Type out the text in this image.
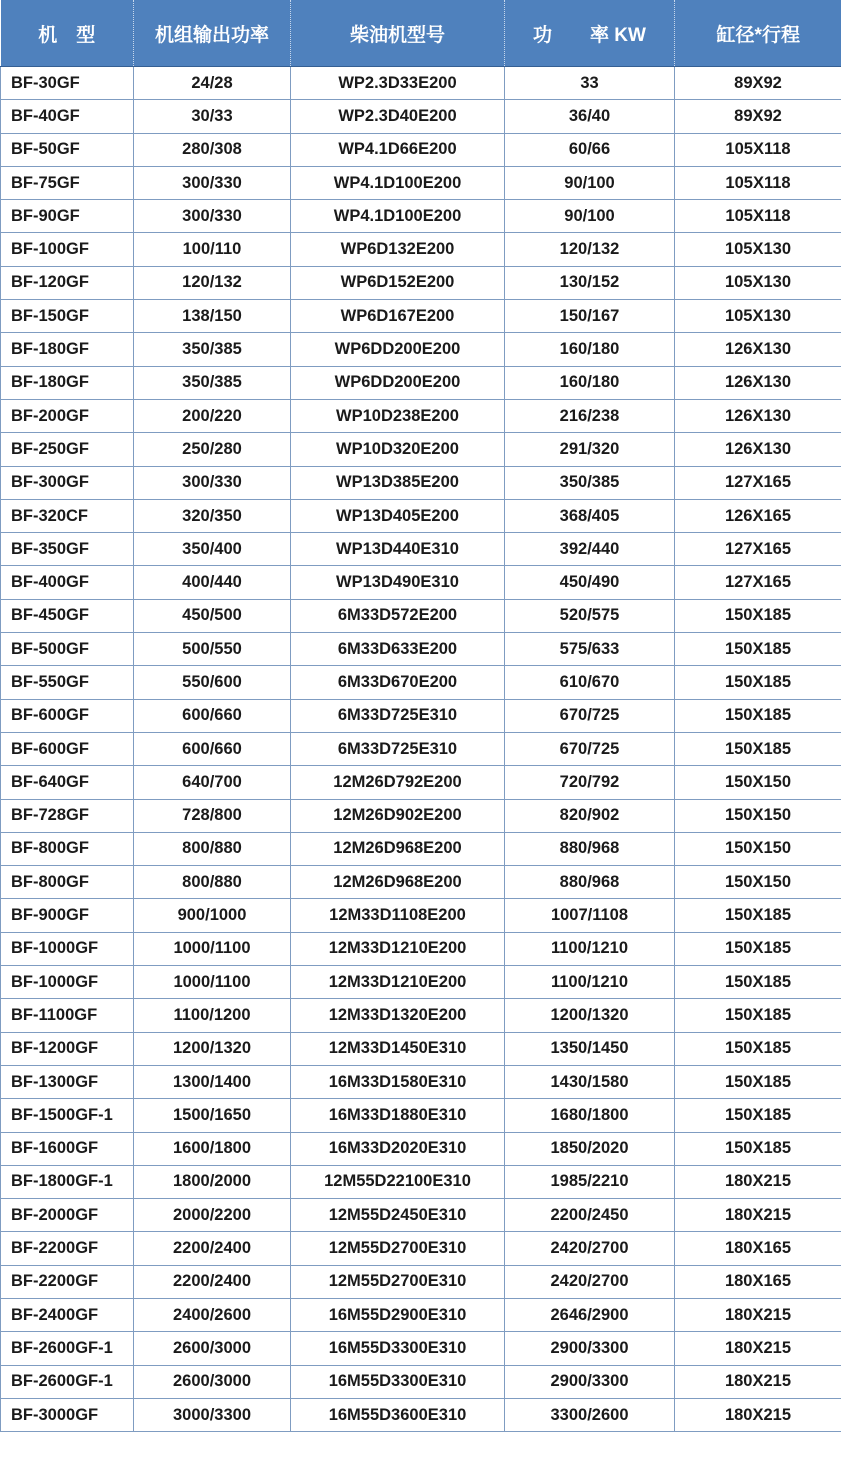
机　型	机组输出功率	柴油机型号	功　　率 KW	缸径*行程
BF-30GF	24/28	WP2.3D33E200	33	89X92
BF-40GF	30/33	WP2.3D40E200	36/40	89X92
BF-50GF	280/308	WP4.1D66E200	60/66	105X118
BF-75GF	300/330	WP4.1D100E200	90/100	105X118
BF-90GF	300/330	WP4.1D100E200	90/100	105X118
BF-100GF	100/110	WP6D132E200	120/132	105X130
BF-120GF	120/132	WP6D152E200	130/152	105X130
BF-150GF	138/150	WP6D167E200	150/167	105X130
BF-180GF	350/385	WP6DD200E200	160/180	126X130
BF-180GF	350/385	WP6DD200E200	160/180	126X130
BF-200GF	200/220	WP10D238E200	216/238	126X130
BF-250GF	250/280	WP10D320E200	291/320	126X130
BF-300GF	300/330	WP13D385E200	350/385	127X165
BF-320CF	320/350	WP13D405E200	368/405	126X165
BF-350GF	350/400	WP13D440E310	392/440	127X165
BF-400GF	400/440	WP13D490E310	450/490	127X165
BF-450GF	450/500	6M33D572E200	520/575	150X185
BF-500GF	500/550	6M33D633E200	575/633	150X185
BF-550GF	550/600	6M33D670E200	610/670	150X185
BF-600GF	600/660	6M33D725E310	670/725	150X185
BF-600GF	600/660	6M33D725E310	670/725	150X185
BF-640GF	640/700	12M26D792E200	720/792	150X150
BF-728GF	728/800	12M26D902E200	820/902	150X150
BF-800GF	800/880	12M26D968E200	880/968	150X150
BF-800GF	800/880	12M26D968E200	880/968	150X150
BF-900GF	900/1000	12M33D1108E200	1007/1108	150X185
BF-1000GF	1000/1100	12M33D1210E200	1100/1210	150X185
BF-1000GF	1000/1100	12M33D1210E200	1100/1210	150X185
BF-1100GF	1100/1200	12M33D1320E200	1200/1320	150X185
BF-1200GF	1200/1320	12M33D1450E310	1350/1450	150X185
BF-1300GF	1300/1400	16M33D1580E310	1430/1580	150X185
BF-1500GF-1	1500/1650	16M33D1880E310	1680/1800	150X185
BF-1600GF	1600/1800	16M33D2020E310	1850/2020	150X185
BF-1800GF-1	1800/2000	12M55D22100E310	1985/2210	180X215
BF-2000GF	2000/2200	12M55D2450E310	2200/2450	180X215
BF-2200GF	2200/2400	12M55D2700E310	2420/2700	180X165
BF-2200GF	2200/2400	12M55D2700E310	2420/2700	180X165
BF-2400GF	2400/2600	16M55D2900E310	2646/2900	180X215
BF-2600GF-1	2600/3000	16M55D3300E310	2900/3300	180X215
BF-2600GF-1	2600/3000	16M55D3300E310	2900/3300	180X215
BF-3000GF	3000/3300	16M55D3600E310	3300/2600	180X215
